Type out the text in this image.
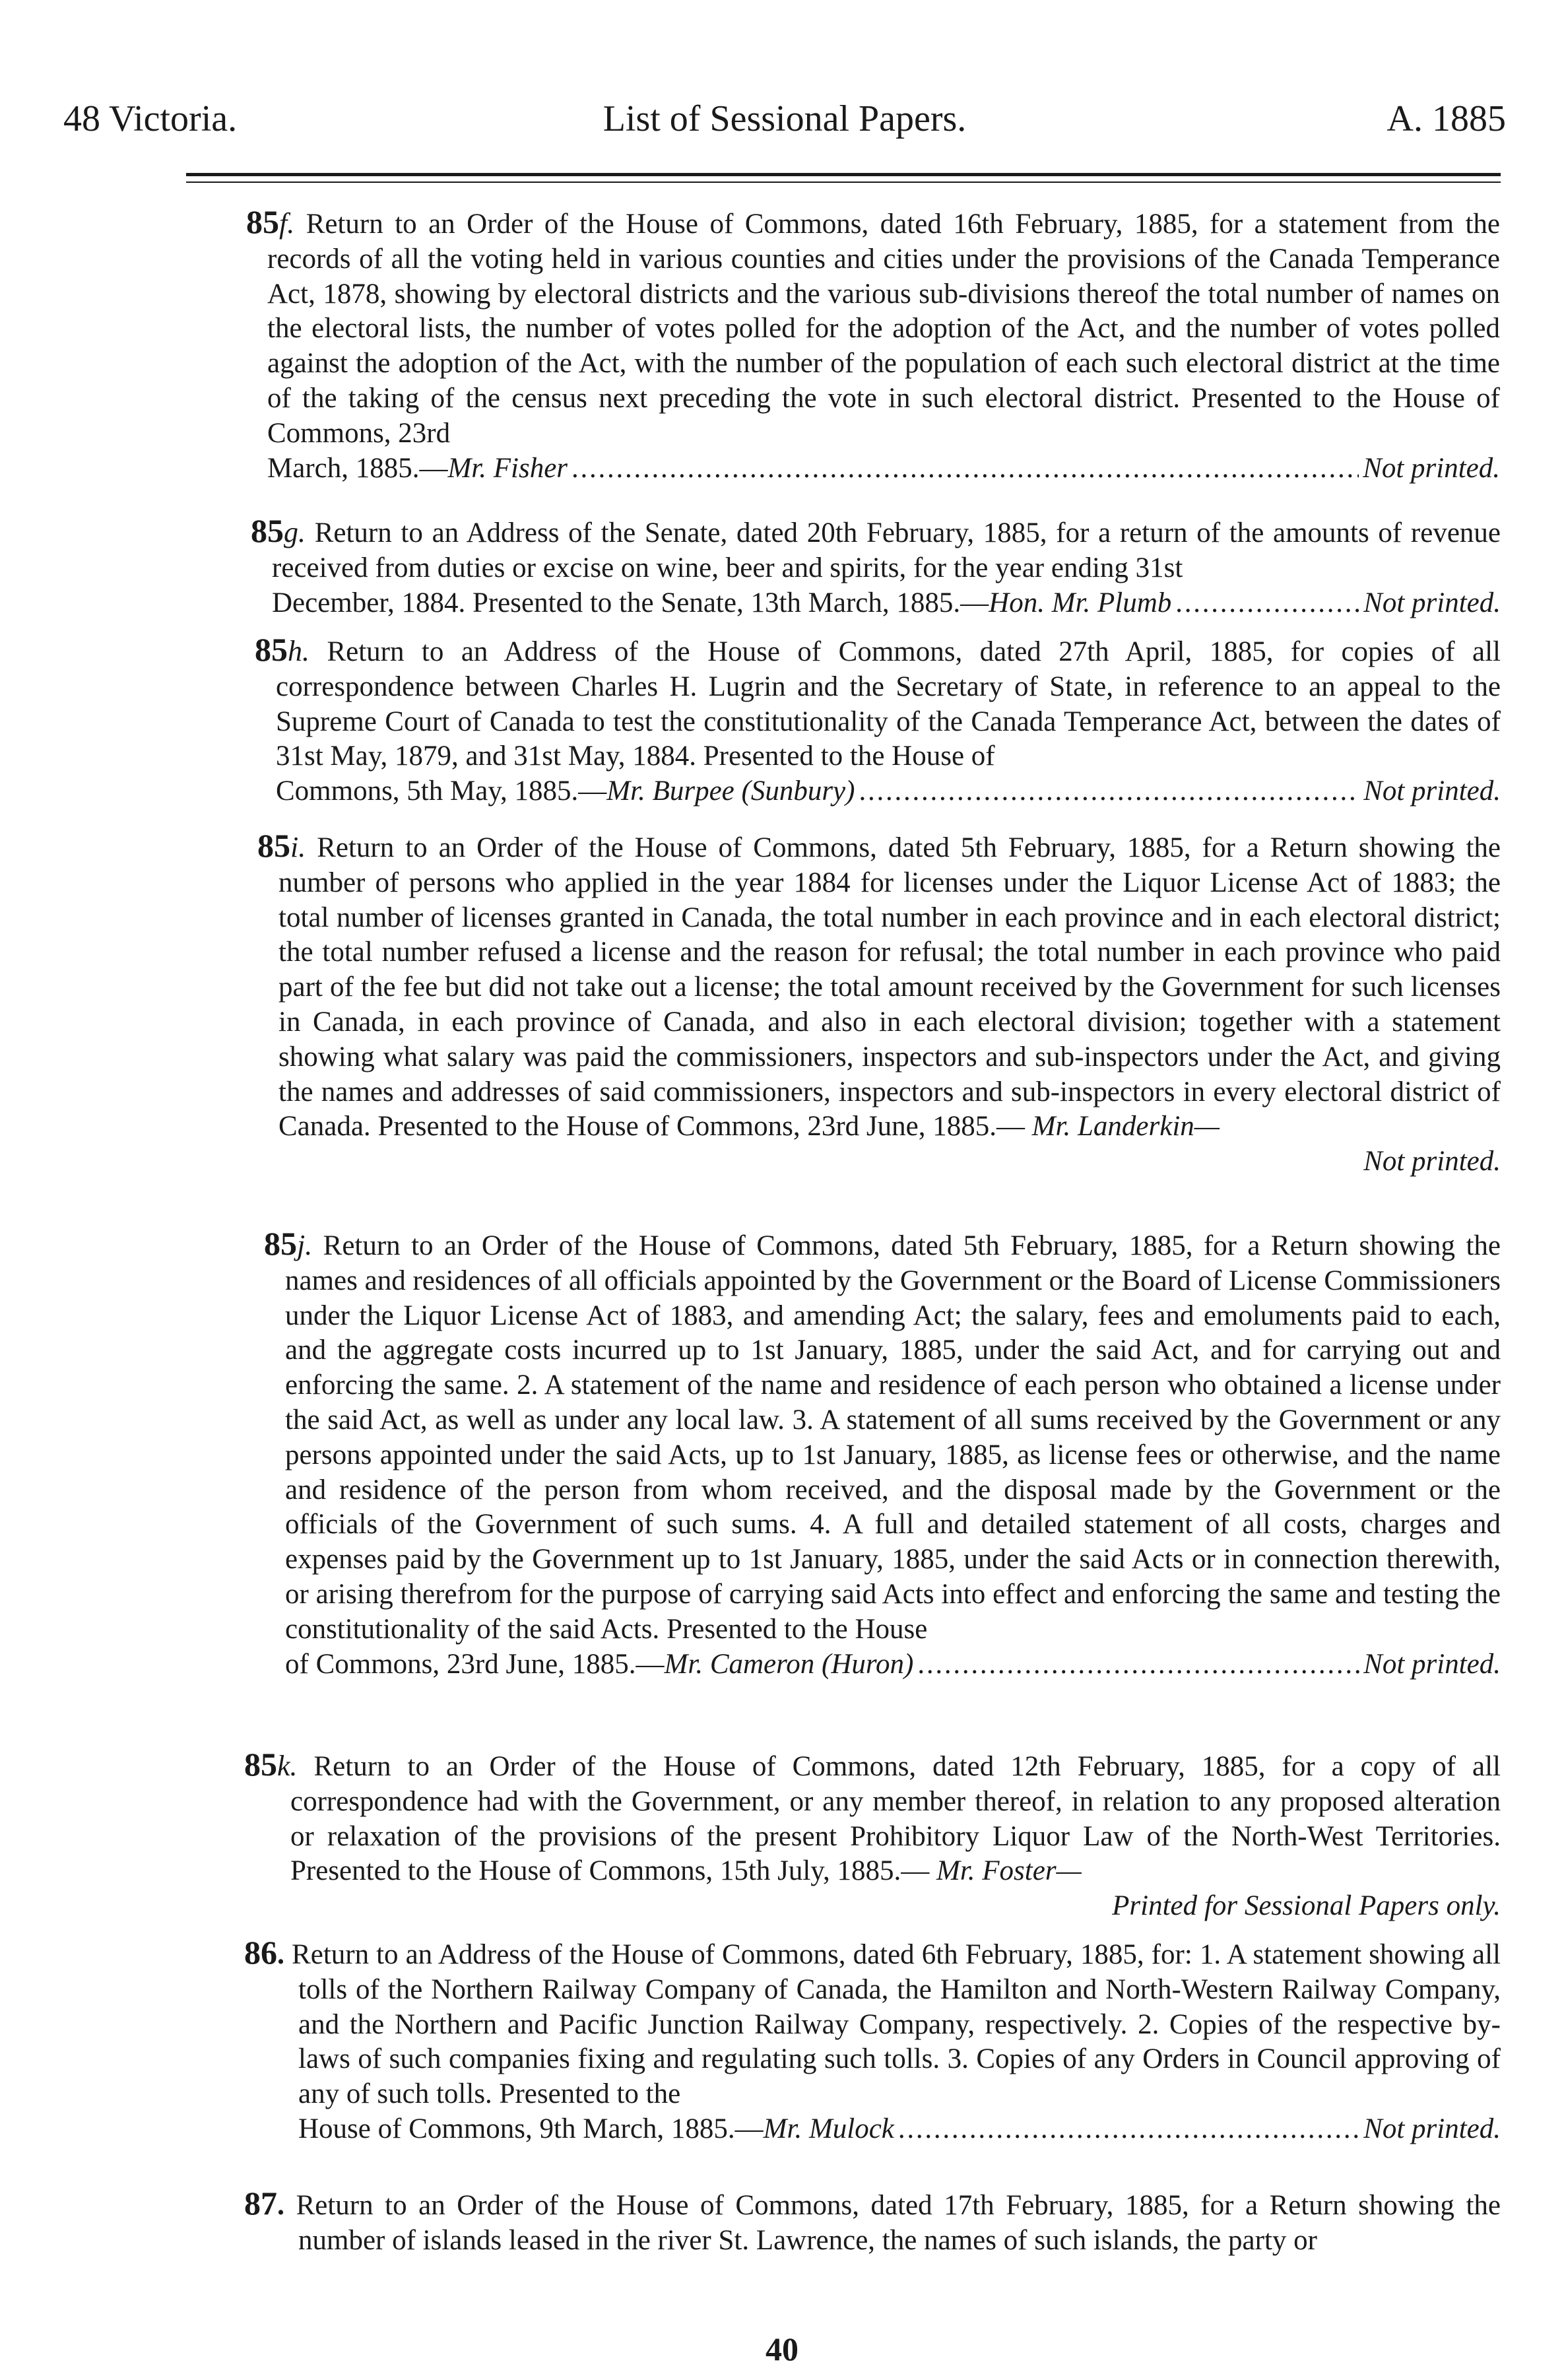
48 Victoria.	List of Sessional Papers.	A. 1885

85f. Return to an Order of the House of Commons, dated 16th February, 1885, for a statement from the records of all the voting held in various counties and cities under the provisions of the Canada Temperance Act, 1878, showing by electoral districts and the various sub-divisions thereof the total number of names on the electoral lists, the number of votes polled for the adoption of the Act, and the number of votes polled against the adoption of the Act, with the number of the population of each such electoral district at the time of the taking of the census next preceding the vote in such electoral district. Presented to the House of Commons, 23rd

March, 1885.— Mr. Fisher . . .	Not printed.

85g. Return to an Address of the Senate, dated 20th February, 1885, for a return of the amounts of revenue received from duties or excise on wine, beer and spirits, for the year ending 31st

December, 1884. Presented to the Senate, 13th March, 1885.— Hon. Mr. Plumb . . .	Not printed.

85h. Return to an Address of the House of Commons, dated 27th April, 1885, for copies of all correspondence between Charles H. Lugrin and the Secretary of State, in reference to an appeal to the Supreme Court of Canada to test the constitutionality of the Canada Temperance Act, between the dates of 31st May, 1879, and 31st May, 1884. Presented to the House of

Commons, 5th May, 1885.— Mr. Burpee (Sunbury) . . .	Not printed.

85i. Return to an Order of the House of Commons, dated 5th February, 1885, for a Return showing the number of persons who applied in the year 1884 for licenses under the Liquor License Act of 1883; the total number of licenses granted in Canada, the total number in each province and in each electoral district; the total number refused a license and the reason for refusal; the total number in each province who paid part of the fee but did not take out a license; the total amount received by the Government for such licenses in Canada, in each province of Canada, and also in each electoral division; together with a statement showing what salary was paid the commissioners, inspectors and sub-inspectors under the Act, and giving the names and addresses of said commissioners, inspectors and sub-inspectors in every electoral district of Canada. Presented to the House of Commons, 23rd June, 1885.— Mr. Landerkin—

Not printed.

85j. Return to an Order of the House of Commons, dated 5th February, 1885, for a Return showing the names and residences of all officials appointed by the Government or the Board of License Commissioners under the Liquor License Act of 1883, and amending Act; the salary, fees and emoluments paid to each, and the aggregate costs incurred up to 1st January, 1885, under the said Act, and for carrying out and enforcing the same. 2. A statement of the name and residence of each person who obtained a license under the said Act, as well as under any local law. 3. A statement of all sums received by the Government or any persons appointed under the said Acts, up to 1st January, 1885, as license fees or otherwise, and the name and residence of the person from whom received, and the disposal made by the Government or the officials of the Government of such sums. 4. A full and detailed statement of all costs, charges and expenses paid by the Government up to 1st January, 1885, under the said Acts or in connection therewith, or arising therefrom for the purpose of carrying said Acts into effect and enforcing the same and testing the constitutionality of the said Acts. Presented to the House

of Commons, 23rd June, 1885.— Mr. Cameron (Huron) . . .	Not printed.

85k. Return to an Order of the House of Commons, dated 12th February, 1885, for a copy of all correspondence had with the Government, or any member thereof, in relation to any proposed alteration or relaxation of the provisions of the present Prohibitory Liquor Law of the North-West Territories. Presented to the House of Commons, 15th July, 1885.— Mr. Foster—

Printed for Sessional Papers only.

86. Return to an Address of the House of Commons, dated 6th February, 1885, for: 1. A statement showing all tolls of the Northern Railway Company of Canada, the Hamilton and North-Western Railway Company, and the Northern and Pacific Junction Railway Company, respectively. 2. Copies of the respective by-laws of such companies fixing and regulating such tolls. 3. Copies of any Orders in Council approving of any of such tolls. Presented to the

House of Commons, 9th March, 1885.— Mr. Mulock . . .	Not printed.

87. Return to an Order of the House of Commons, dated 17th February, 1885, for a Return showing the number of islands leased in the river St. Lawrence, the names of such islands, the party or

40
